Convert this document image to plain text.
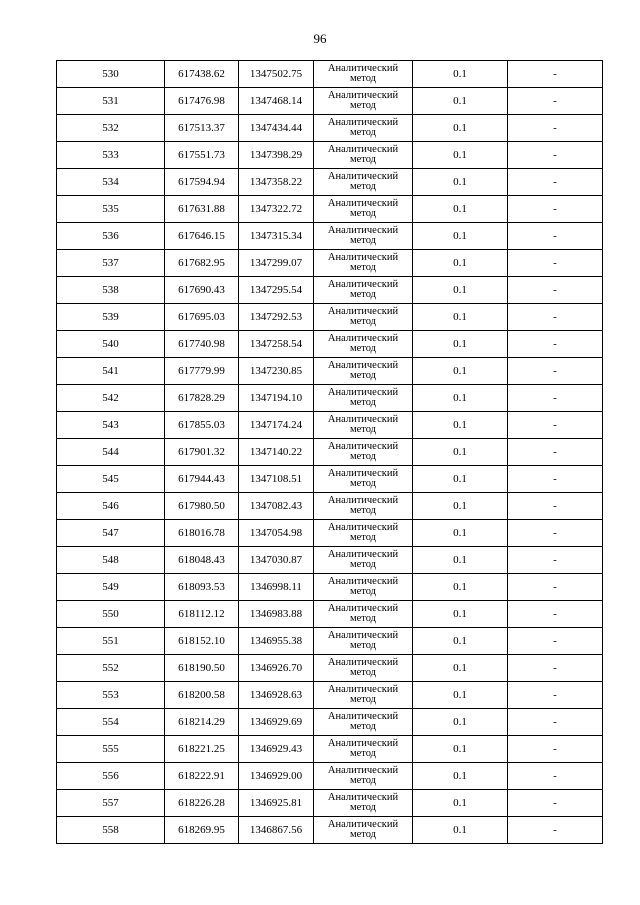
96
530	617438.62	1347502.75	Аналитический метод	0.1	-
531	617476.98	1347468.14	Аналитический метод	0.1	-
532	617513.37	1347434.44	Аналитический метод	0.1	-
533	617551.73	1347398.29	Аналитический метод	0.1	-
534	617594.94	1347358.22	Аналитический метод	0.1	-
535	617631.88	1347322.72	Аналитический метод	0.1	-
536	617646.15	1347315.34	Аналитический метод	0.1	-
537	617682.95	1347299.07	Аналитический метод	0.1	-
538	617690.43	1347295.54	Аналитический метод	0.1	-
539	617695.03	1347292.53	Аналитический метод	0.1	-
540	617740.98	1347258.54	Аналитический метод	0.1	-
541	617779.99	1347230.85	Аналитический метод	0.1	-
542	617828.29	1347194.10	Аналитический метод	0.1	-
543	617855.03	1347174.24	Аналитический метод	0.1	-
544	617901.32	1347140.22	Аналитический метод	0.1	-
545	617944.43	1347108.51	Аналитический метод	0.1	-
546	617980.50	1347082.43	Аналитический метод	0.1	-
547	618016.78	1347054.98	Аналитический метод	0.1	-
548	618048.43	1347030.87	Аналитический метод	0.1	-
549	618093.53	1346998.11	Аналитический метод	0.1	-
550	618112.12	1346983.88	Аналитический метод	0.1	-
551	618152.10	1346955.38	Аналитический метод	0.1	-
552	618190.50	1346926.70	Аналитический метод	0.1	-
553	618200.58	1346928.63	Аналитический метод	0.1	-
554	618214.29	1346929.69	Аналитический метод	0.1	-
555	618221.25	1346929.43	Аналитический метод	0.1	-
556	618222.91	1346929.00	Аналитический метод	0.1	-
557	618226.28	1346925.81	Аналитический метод	0.1	-
558	618269.95	1346867.56	Аналитический метод	0.1	-
